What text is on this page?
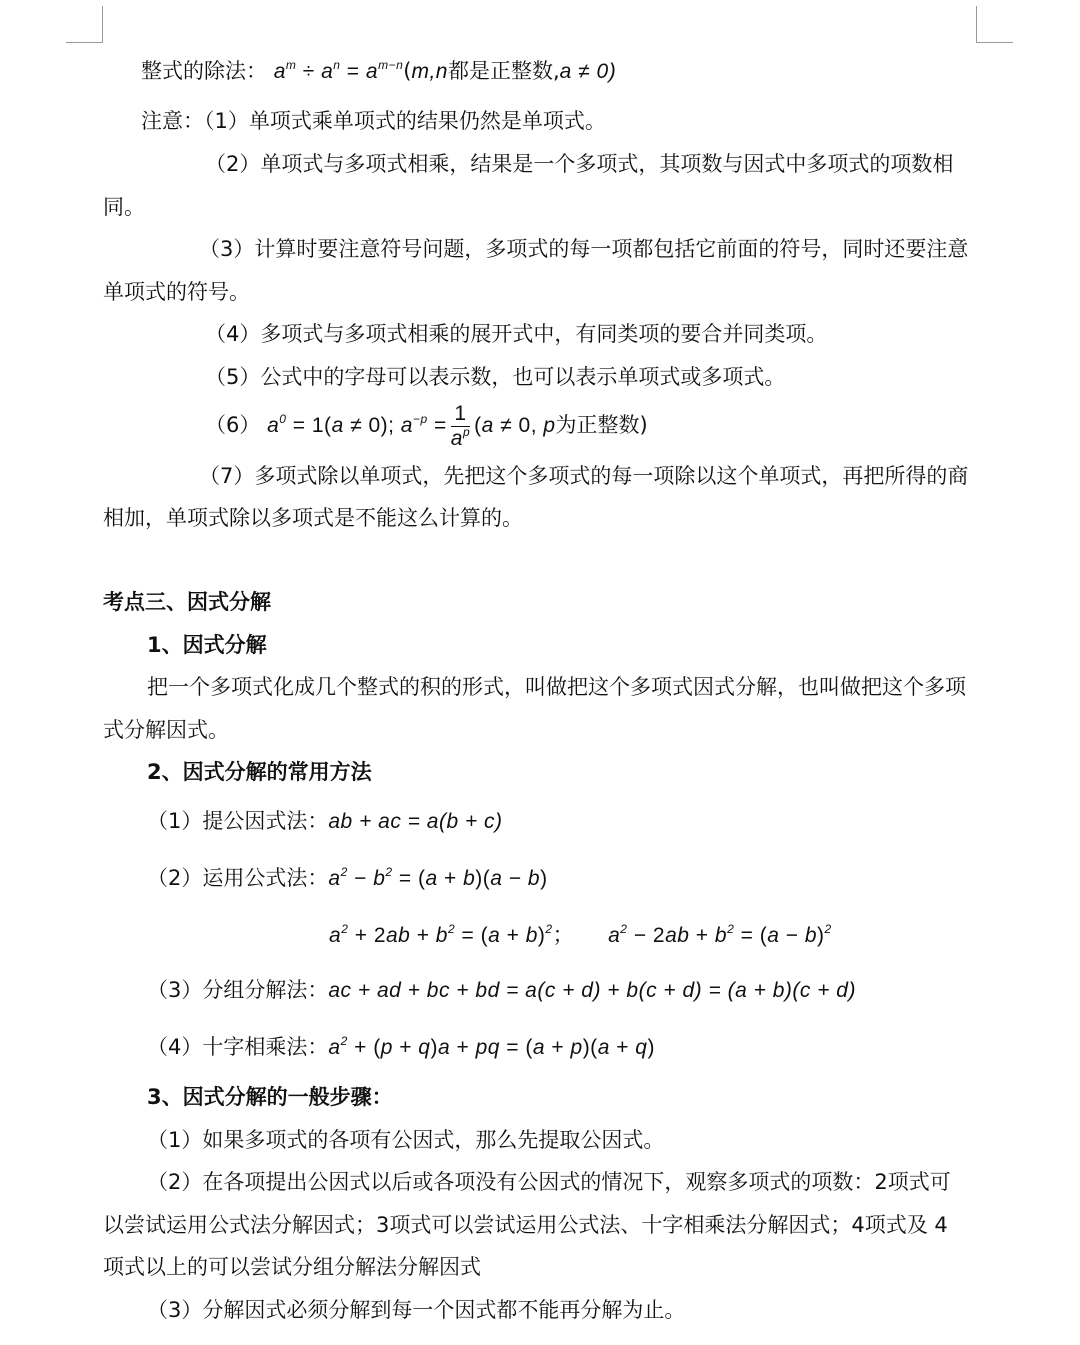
整式的除法： $a^m \div a^n = a^{m-n}(m,n$都是正整数,a ≠ 0)
注意：（1）单项式乘单项式的结果仍然是单项式。
（2）单项式与多项式相乘，结果是一个多项式，其项数与因式中多项式的项数相
同。
（3）计算时要注意符号问题，多项式的每一项都包括它前面的符号，同时还要注意
单项式的符号。
（4）多项式与多项式相乘的展开式中，有同类项的要合并同类项。
（5）公式中的字母可以表示数，也可以表示单项式或多项式。
（6） $a^0 = 1(a \ne 0)$; $a^{-p} = \frac{1}{a^p} (a \ne 0$, p为正整数)
（7）多项式除以单项式，先把这个多项式的每一项除以这个单项式，再把所得的商
相加，单项式除以多项式是不能这么计算的。
考点三、因式分解
1、因式分解
把一个多项式化成几个整式的积的形式，叫做把这个多项式因式分解，也叫做把这个多项
式分解因式。
2、因式分解的常用方法
（1）提公因式法：ab + ac = a(b + c)
（2）运用公式法：$a^2 - b^2 = (a + b)(a - b)$
$a^2 + 2ab + b^2 = (a + b)^2$； $a^2 - 2ab + b^2 = (a - b)^2$
（3）分组分解法：ac + ad + bc + bd = a(c + d) + b(c + d) = (a + b)(c + d)
（4）十字相乘法：$a^2 + (p + q)a$ + pq = (a + p)(a + q)
3、因式分解的一般步骤：
（1）如果多项式的各项有公因式，那么先提取公因式。
（2）在各项提出公因式以后或各项没有公因式的情况下，观察多项式的项数：2项式可
以尝试运用公式法分解因式；3项式可以尝试运用公式法、十字相乘法分解因式；4项式及 4
项式以上的可以尝试分组分解法分解因式
（3）分解因式必须分解到每一个因式都不能再分解为止。
